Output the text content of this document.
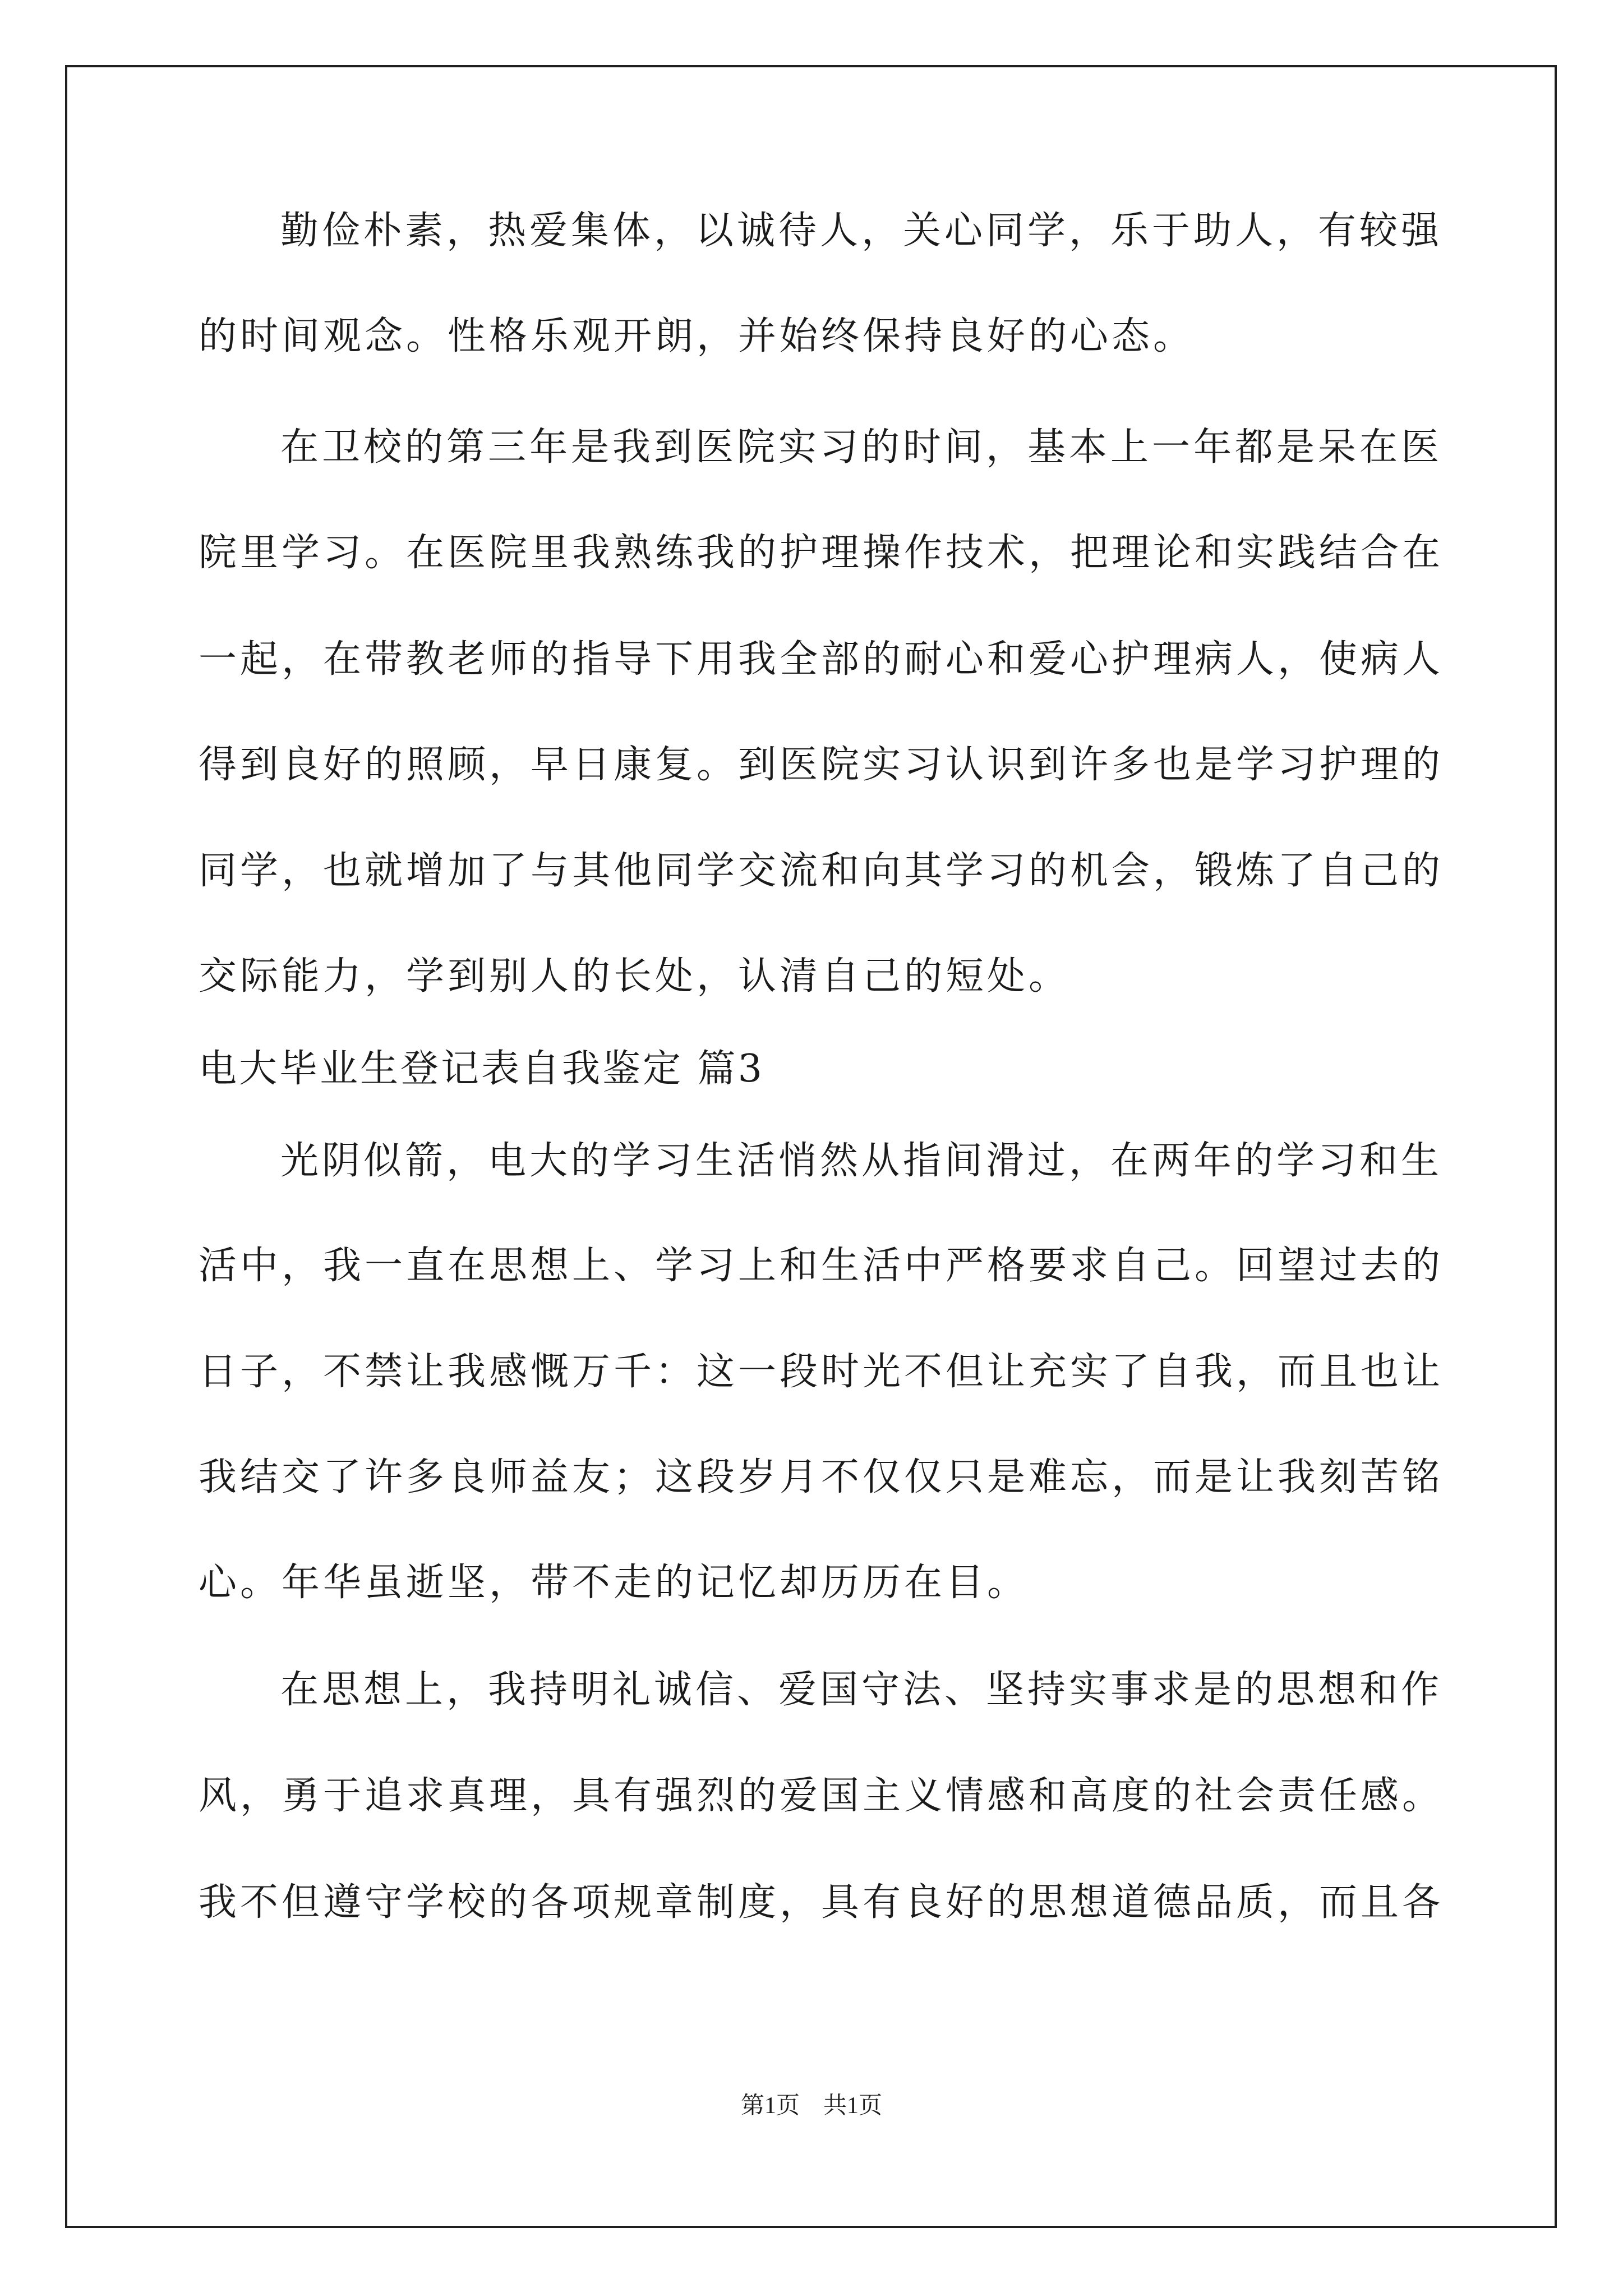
勤俭朴素，热爱集体，以诚待人，关心同学，乐于助人，有较强
的时间观念。性格乐观开朗，并始终保持良好的心态。
在卫校的第三年是我到医院实习的时间，基本上一年都是呆在医
院里学习。在医院里我熟练我的护理操作技术，把理论和实践结合在
一起，在带教老师的指导下用我全部的耐心和爱心护理病人，使病人
得到良好的照顾，早日康复。到医院实习认识到许多也是学习护理的
同学，也就增加了与其他同学交流和向其学习的机会，锻炼了自己的
交际能力，学到别人的长处，认清自己的短处。
电大毕业生登记表自我鉴定 篇3
光阴似箭，电大的学习生活悄然从指间滑过，在两年的学习和生
活中，我一直在思想上、学习上和生活中严格要求自己。回望过去的
日子，不禁让我感慨万千：这一段时光不但让充实了自我，而且也让
我结交了许多良师益友；这段岁月不仅仅只是难忘，而是让我刻苦铭
心。年华虽逝坚，带不走的记忆却历历在目。
在思想上，我持明礼诚信、爱国守法、坚持实事求是的思想和作
风，勇于追求真理，具有强烈的爱国主义情感和高度的社会责任感。
我不但遵守学校的各项规章制度，具有良好的思想道德品质，而且各
第1页　共1页
